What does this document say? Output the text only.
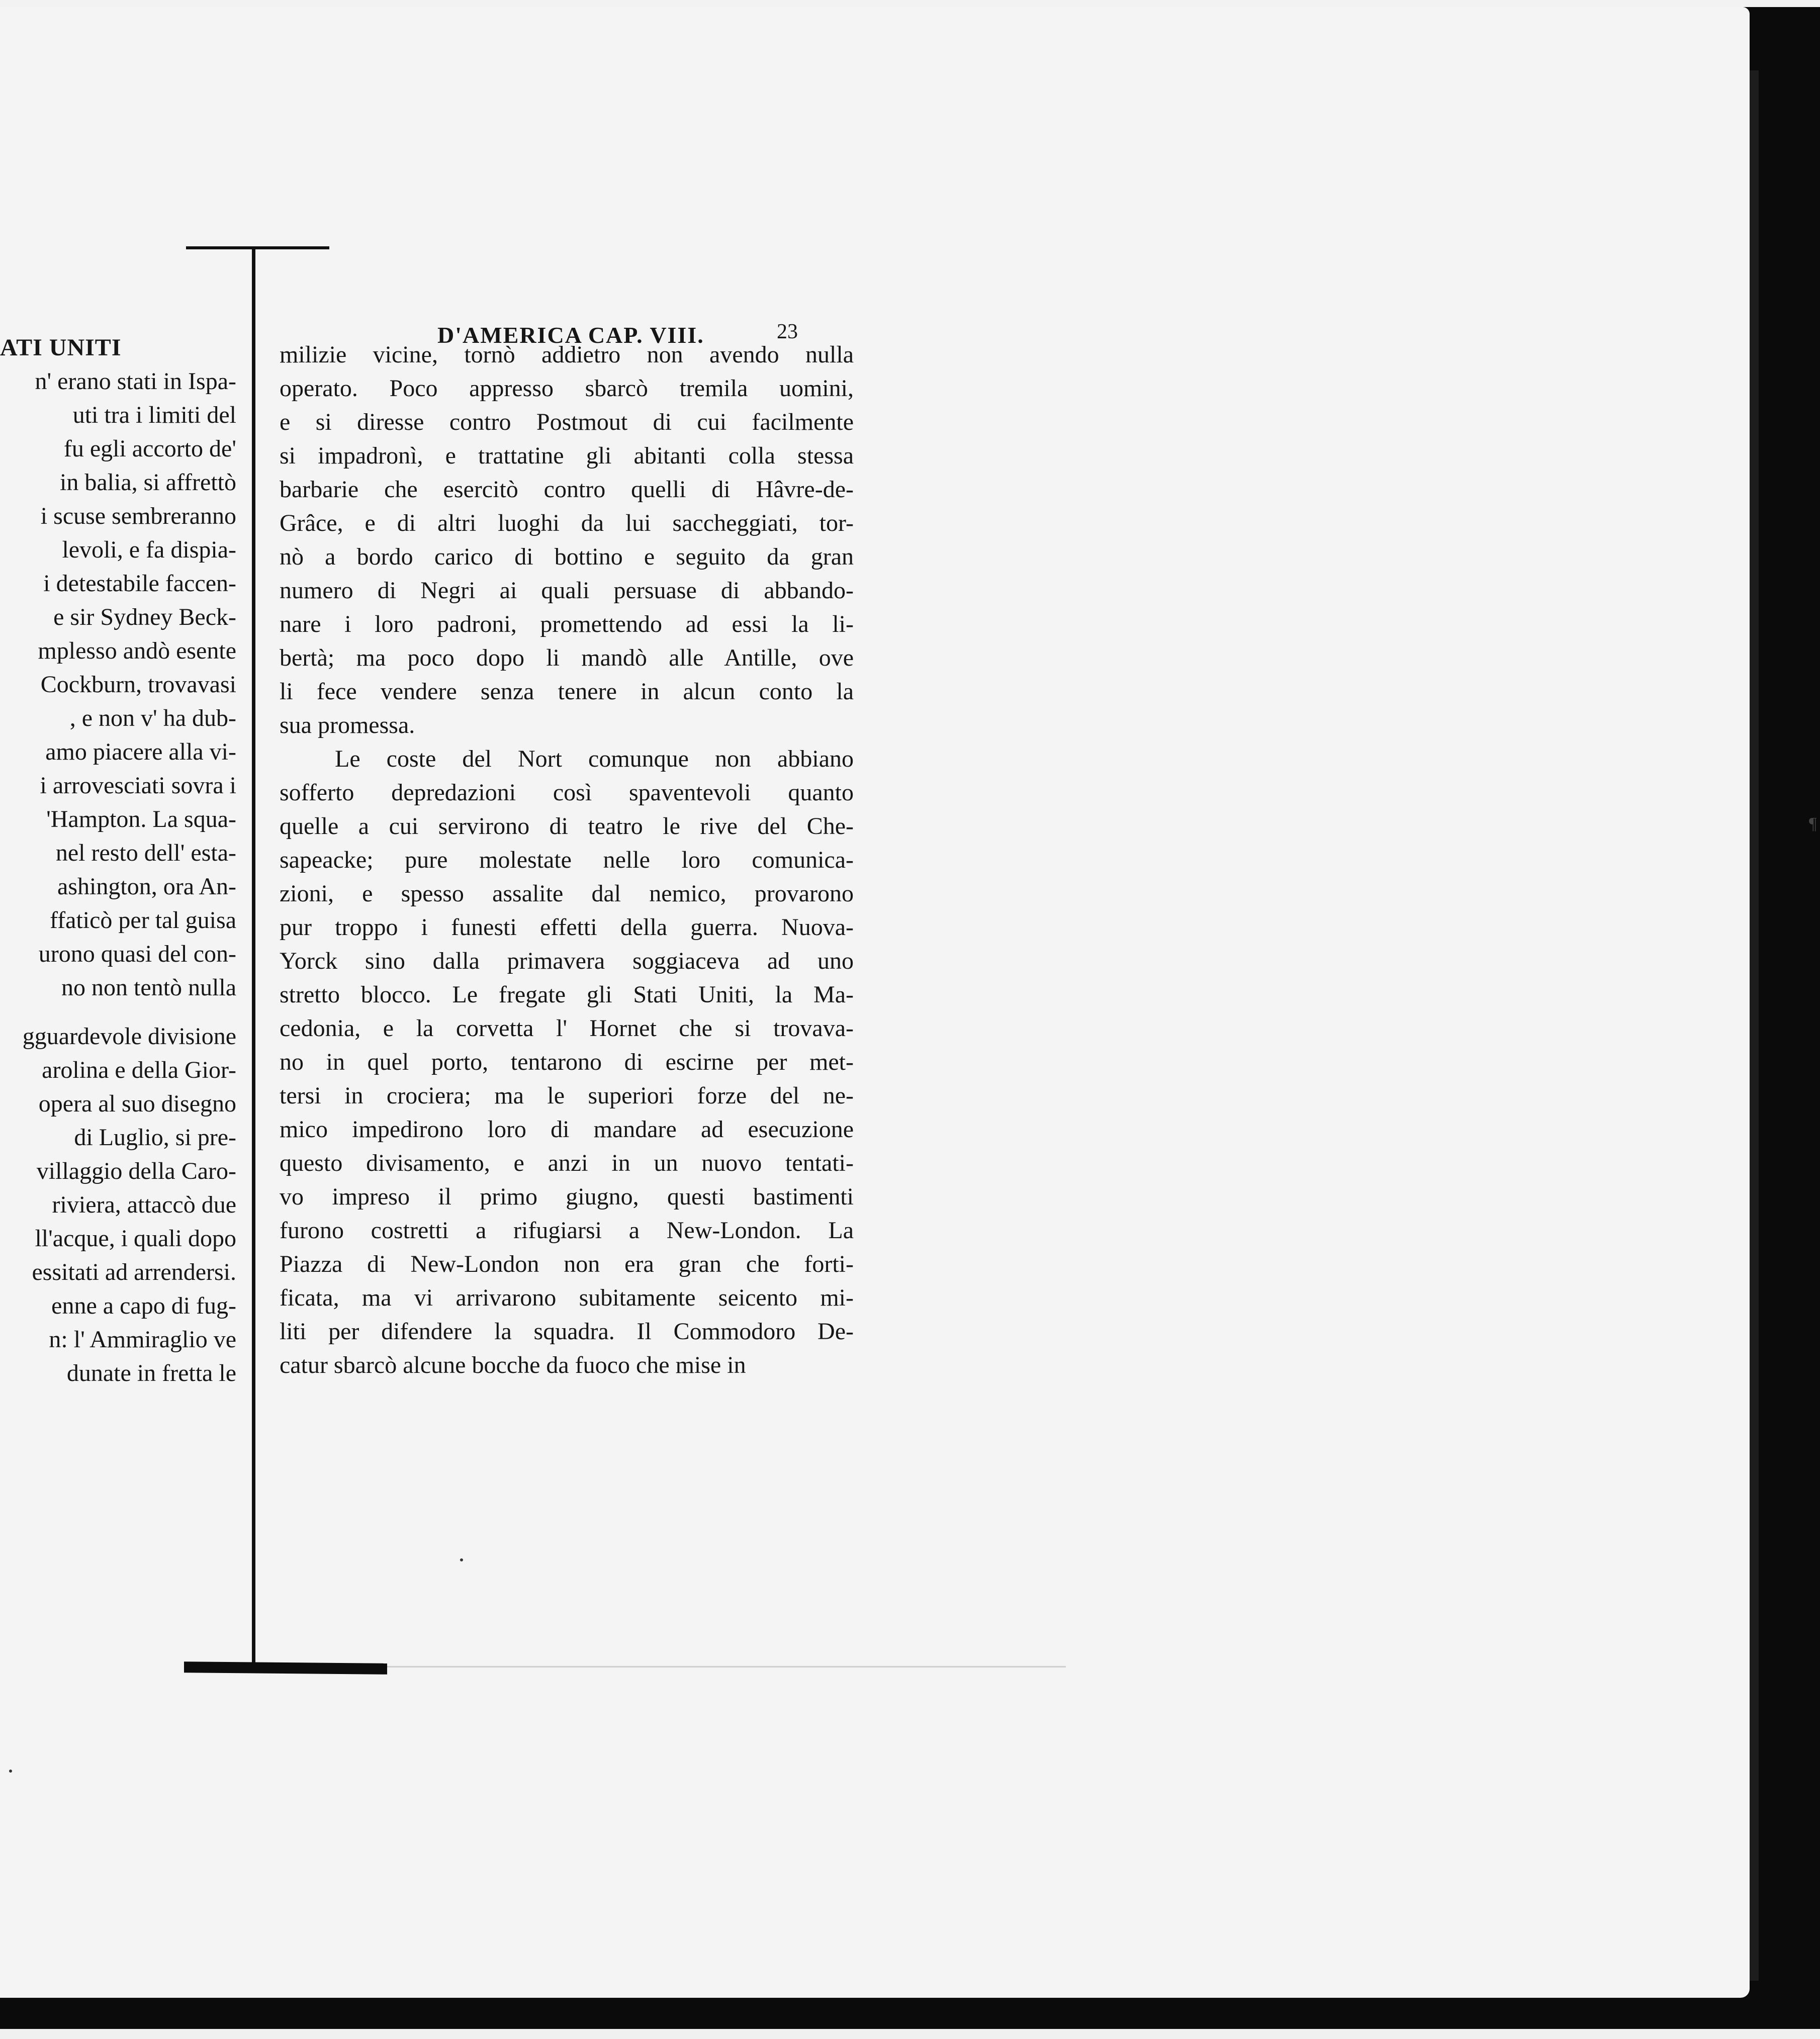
ATI UNITI
n' erano stati in Ispa-
uti tra i limiti del
fu egli accorto de'
in balia, si affrettò
i scuse sembreranno
levoli, e fa dispia-
i detestabile faccen-
e sir Sydney Beck-
mplesso andò esente
Cockburn, trovavasi
, e non v' ha dub-
amo piacere alla vi-
i arrovesciati sovra i
'Hampton. La squa-
nel resto dell' esta-
ashington, ora An-
ffaticò per tal guisa
urono quasi del con-
no non tentò nulla
gguardevole divisione
arolina e della Gior-
opera al suo disegno
di Luglio, si pre-
villaggio della Caro-
riviera, attaccò due
ll'acque, i quali dopo
essitati ad arrendersi.
enne a capo di fug-
n: l' Ammiraglio ve
dunate in fretta le
D'AMERICA CAP. VIII.	23
milizie vicine, tornò addietro non avendo nulla
operato. Poco appresso sbarcò tremila uomini,
e si diresse contro Postmout di cui facilmente
si impadronì, e trattatine gli abitanti colla stessa
barbarie che esercitò contro quelli di Hâvre-de-
Grâce, e di altri luoghi da lui saccheggiati, tor-
nò a bordo carico di bottino e seguito da gran
numero di Negri ai quali persuase di abbando-
nare i loro padroni, promettendo ad essi la li-
bertà; ma poco dopo li mandò alle Antille, ove
li fece vendere senza tenere in alcun conto la
sua promessa.
Le coste del Nort comunque non abbiano
sofferto depredazioni così spaventevoli quanto
quelle a cui servirono di teatro le rive del Che-
sapeacke; pure molestate nelle loro comunica-
zioni, e spesso assalite dal nemico, provarono
pur troppo i funesti effetti della guerra. Nuova-
Yorck sino dalla primavera soggiaceva ad uno
stretto blocco. Le fregate gli Stati Uniti, la Ma-
cedonia, e la corvetta l' Hornet che si trovava-
no in quel porto, tentarono di escirne per met-
tersi in crociera; ma le superiori forze del ne-
mico impedirono loro di mandare ad esecuzione
questo divisamento, e anzi in un nuovo tentati-
vo impreso il primo giugno, questi bastimenti
furono costretti a rifugiarsi a New-London. La
Piazza di New-London non era gran che forti-
ficata, ma vi arrivarono subitamente seicento mi-
liti per difendere la squadra. Il Commodoro De-
catur sbarcò alcune bocche da fuoco che mise in
¶
